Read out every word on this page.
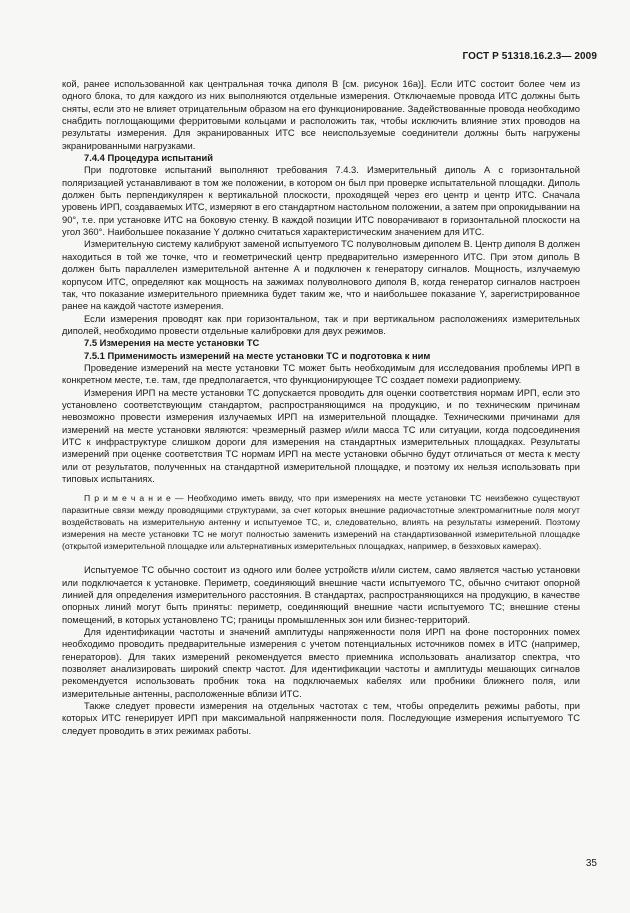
ГОСТ Р 51318.16.2.3— 2009

кой, ранее использованной как центральная точка диполя В [см. рисунок 16а)]. Если ИТС состоит более чем из одного блока, то для каждого из них выполняются отдельные измерения. Отключаемые провода ИТС должны быть сняты, если это не влияет отрицательным образом на его функционирование. Задействованные провода необходимо снабдить поглощающими ферритовыми кольцами и расположить так, чтобы исключить влияние этих проводов на результаты измерения. Для экранированных ИТС все неиспользуемые соединители должны быть нагружены экранированными нагрузками.

7.4.4 Процедура испытаний

При подготовке испытаний выполняют требования 7.4.3. Измерительный диполь А с горизонтальной поляризацией устанавливают в том же положении, в котором он был при проверке испытательной площадки. Диполь должен быть перпендикулярен к вертикальной плоскости, проходящей через его центр и центр ИТС. Сначала уровень ИРП, создаваемых ИТС, измеряют в его стандартном настольном положении, а затем при опрокидывании на 90°, т.е. при установке ИТС на боковую стенку. В каждой позиции ИТС поворачивают в горизонтальной плоскости на угол 360°. Наибольшее показание Y должно считаться характеристическим значением для ИТС.

Измерительную систему калибруют заменой испытуемого ТС полуволновым диполем В. Центр диполя В должен находиться в той же точке, что и геометрический центр предварительно измеренного ИТС. При этом диполь В должен быть параллелен измерительной антенне А и подключен к генератору сигналов. Мощность, излучаемую корпусом ИТС, определяют как мощность на зажимах полуволнового диполя В, когда генератор сигналов настроен так, что показание измерительного приемника будет таким же, что и наибольшее показание Y, зарегистрированное ранее на каждой частоте измерения.

Если измерения проводят как при горизонтальном, так и при вертикальном расположениях измерительных диполей, необходимо провести отдельные калибровки для двух режимов.

7.5 Измерения на месте установки ТС

7.5.1 Применимость измерений на месте установки ТС и подготовка к ним

Проведение измерений на месте установки ТС может быть необходимым для исследования проблемы ИРП в конкретном месте, т.е. там, где предполагается, что функционирующее ТС создает помехи радиоприему.

Измерения ИРП на месте установки ТС допускается проводить для оценки соответствия нормам ИРП, если это установлено соответствующим стандартом, распространяющимся на продукцию, и по техническим причинам невозможно провести измерения излучаемых ИРП на измерительной площадке. Техническими причинами для измерений на месте установки являются: чрезмерный размер и/или масса ТС или ситуации, когда подсоединения ИТС к инфраструктуре слишком дороги для измерения на стандартных измерительных площадках. Результаты измерений при оценке соответствия ТС нормам ИРП на месте установки обычно будут отличаться от места к месту или от результатов, полученных на стандартной измерительной площадке, и поэтому их нельзя использовать при типовых испытаниях.

П р и м е ч а н и е — Необходимо иметь ввиду, что при измерениях на месте установки ТС неизбежно существуют паразитные связи между проводящими структурами, за счет которых внешние радиочастотные электромагнитные поля могут воздействовать на измерительную антенну и испытуемое ТС, и, следовательно, влиять на результаты измерений. Поэтому измерения на месте установки ТС не могут полностью заменить измерений на стандартизованной измерительной площадке (открытой измерительной площадке или альтернативных измерительных площадках, например, в безэховых камерах).

Испытуемое ТС обычно состоит из одного или более устройств и/или систем, само является частью установки или подключается к установке. Периметр, соединяющий внешние части испытуемого ТС, обычно считают опорной линией для определения измерительного расстояния. В стандартах, распространяющихся на продукцию, в качестве опорных линий могут быть приняты: периметр, соединяющий внешние части испытуемого ТС; внешние стены помещений, в которых установлено ТС; границы промышленных зон или бизнес-территорий.

Для идентификации частоты и значений амплитуды напряженности поля ИРП на фоне посторонних помех необходимо проводить предварительные измерения с учетом потенциальных источников помех в ИТС (например, генераторов). Для таких измерений рекомендуется вместо приемника использовать анализатор спектра, что позволяет анализировать широкий спектр частот. Для идентификации частоты и амплитуды мешающих сигналов рекомендуется использовать пробник тока на подключаемых кабелях или пробники ближнего поля, или измерительные антенны, расположенные вблизи ИТС.

Также следует провести измерения на отдельных частотах с тем, чтобы определить режимы работы, при которых ИТС генерирует ИРП при максимальной напряженности поля. Последующие измерения испытуемого ТС следует проводить в этих режимах работы.

35
